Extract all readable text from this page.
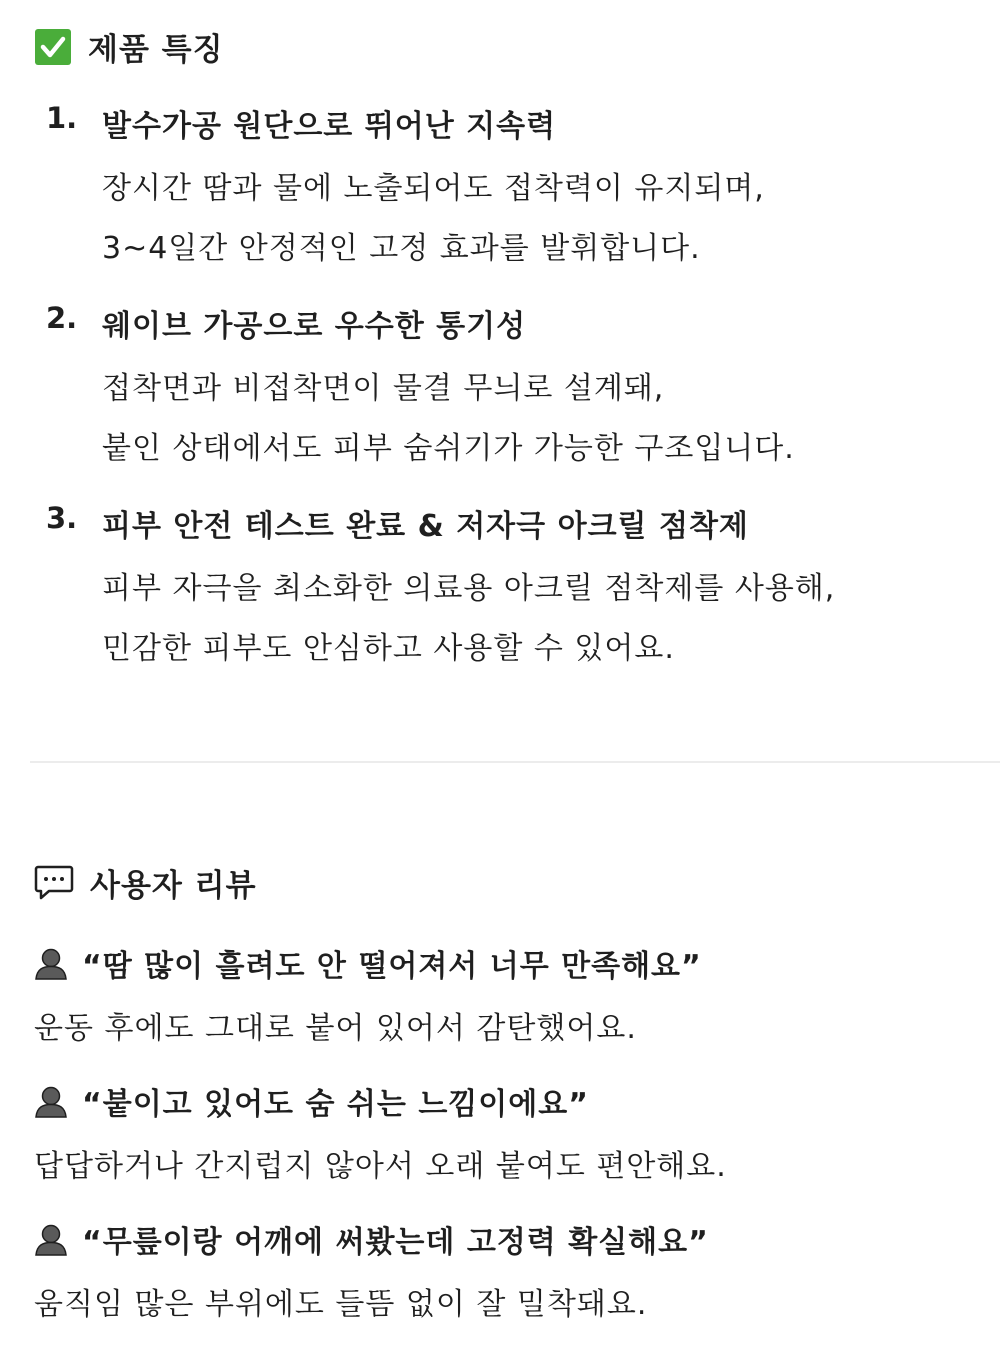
제품 특징
1. 발수가공 원단으로 뛰어난 지속력
장시간 땀과 물에 노출되어도 접착력이 유지되며,
3~4일간 안정적인 고정 효과를 발휘합니다.
2. 웨이브 가공으로 우수한 통기성
접착면과 비접착면이 물결 무늬로 설계돼,
붙인 상태에서도 피부 숨쉬기가 가능한 구조입니다.
3. 피부 안전 테스트 완료 & 저자극 아크릴 점착제
피부 자극을 최소화한 의료용 아크릴 점착제를 사용해,
민감한 피부도 안심하고 사용할 수 있어요.
사용자 리뷰
“땀 많이 흘려도 안 떨어져서 너무 만족해요”
운동 후에도 그대로 붙어 있어서 감탄했어요.
“붙이고 있어도 숨 쉬는 느낌이에요”
답답하거나 간지럽지 않아서 오래 붙여도 편안해요.
“무릎이랑 어깨에 써봤는데 고정력 확실해요”
움직임 많은 부위에도 들뜸 없이 잘 밀착돼요.
